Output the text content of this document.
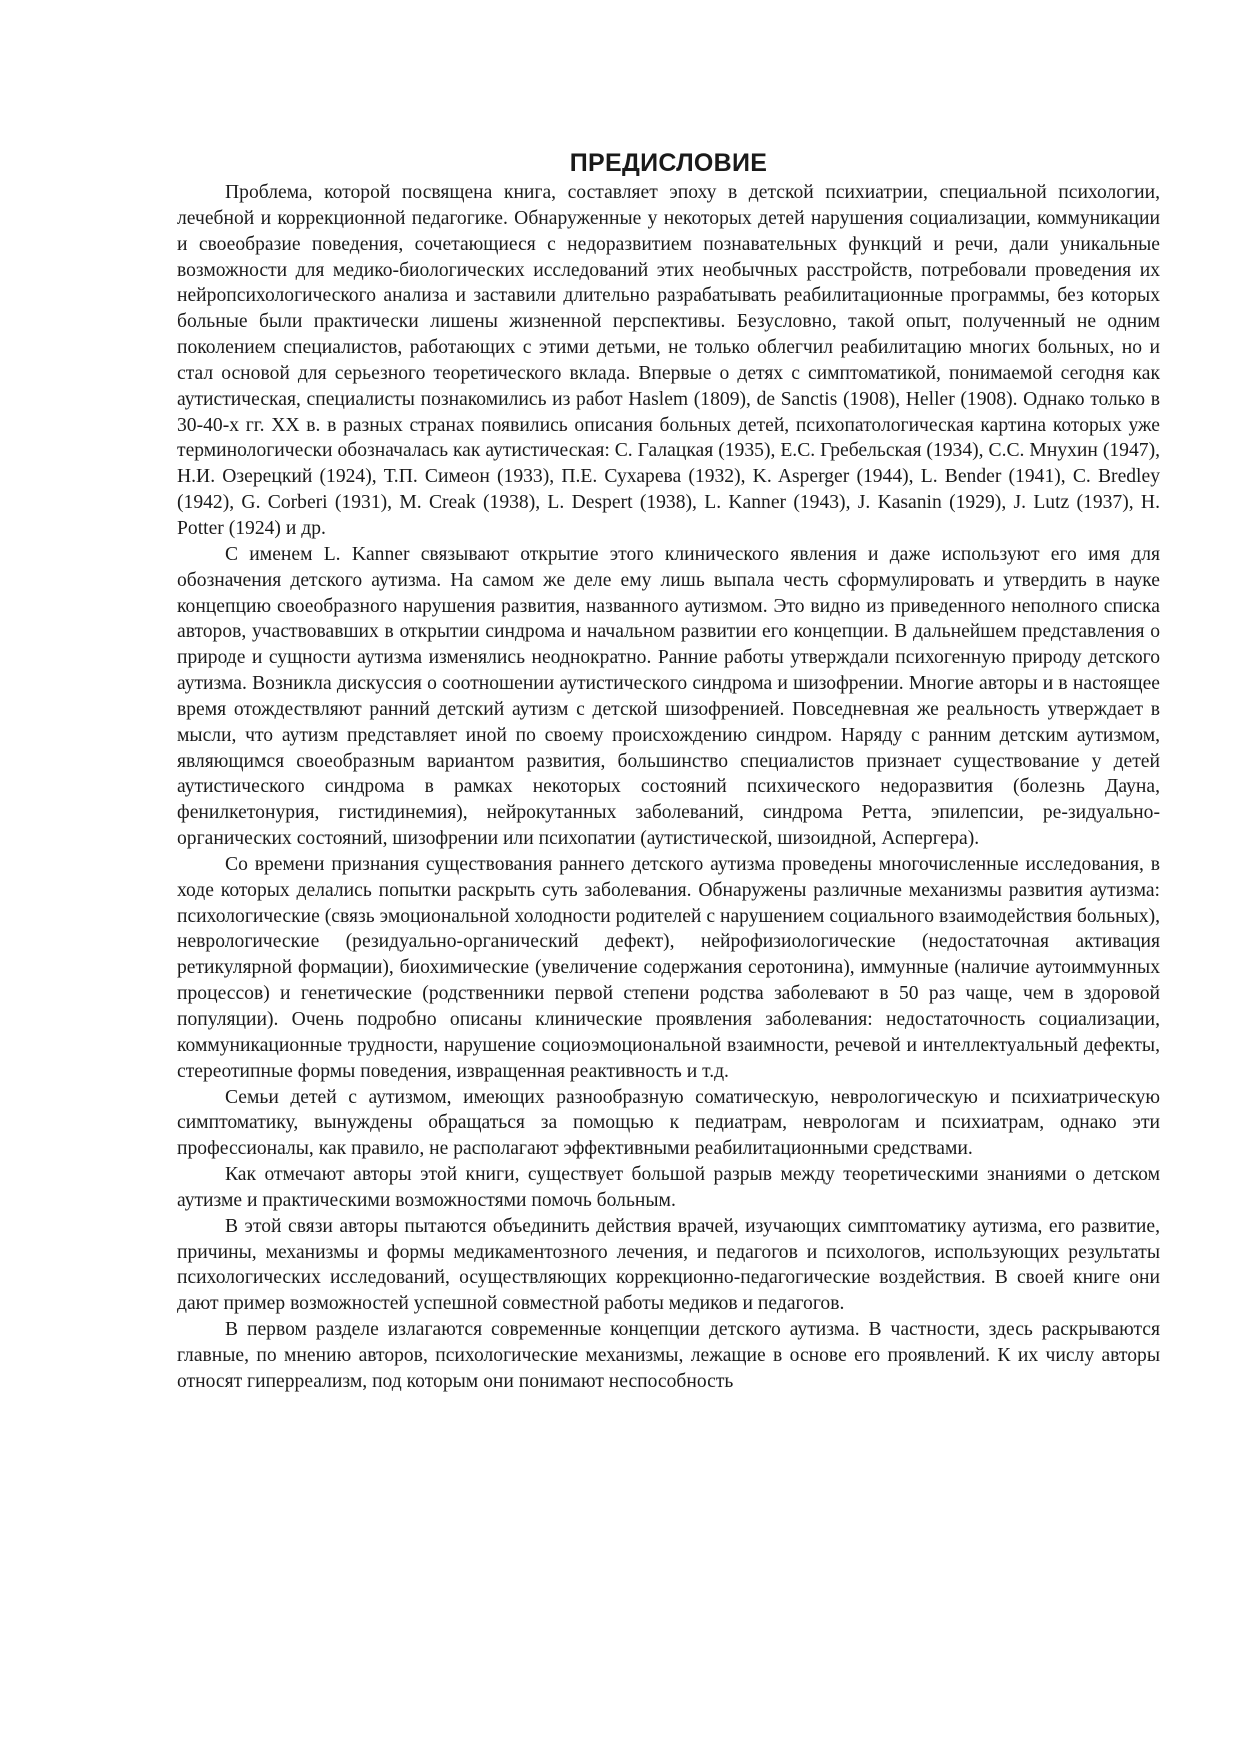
ПРЕДИСЛОВИЕ

Проблема, которой посвящена книга, составляет эпоху в детской психиатрии, специальной психологии, лечебной и коррекционной педагогике. Обнаруженные у некоторых детей нарушения социализации, коммуникации и своеобразие поведения, сочетающиеся с недоразвитием познавательных функций и речи, дали уникальные возможности для медико-биологических исследований этих необычных расстройств, потребовали проведения их нейропсихологического анализа и заставили длительно разрабатывать реабилитационные программы, без которых больные были практически лишены жизненной перспективы. Безусловно, такой опыт, полученный не одним поколением специалистов, работающих с этими детьми, не только облегчил реабилитацию многих больных, но и стал основой для серьезного теоретического вклада. Впервые о детях с симптоматикой, понимаемой сегодня как аутистическая, специалисты познакомились из работ Haslem (1809), de Sanctis (1908), Heller (1908). Однако только в 30-40-х гг. XX в. в разных странах появились описания больных детей, психопатологическая картина которых уже терминологически обозначалась как аутистическая: С. Галацкая (1935), Е.С. Гребельская (1934), С.С. Мнухин (1947), Н.И. Озерецкий (1924), Т.П. Симеон (1933), П.Е. Сухарева (1932), K. Asperger (1944), L. Bender (1941), C. Bredley (1942), G. Corberi (1931), M. Creak (1938), L. Despert (1938), L. Kanner (1943), J. Kasanin (1929), J. Lutz (1937), H. Potter (1924) и др.

С именем L. Kanner связывают открытие этого клинического явления и даже используют его имя для обозначения детского аутизма. На самом же деле ему лишь выпала честь сформулировать и утвердить в науке концепцию своеобразного нарушения развития, названного аутизмом. Это видно из приведенного неполного списка авторов, участвовавших в открытии синдрома и начальном развитии его концепции. В дальнейшем представления о природе и сущности аутизма изменялись неоднократно. Ранние работы утверждали психогенную природу детского аутизма. Возникла дискуссия о соотношении аутистического синдрома и шизофрении. Многие авторы и в настоящее время отождествляют ранний детский аутизм с детской шизофренией. Повседневная же реальность утверждает в мысли, что аутизм представляет иной по своему происхождению синдром. Наряду с ранним детским аутизмом, являющимся своеобразным вариантом развития, большинство специалистов признает существование у детей аутистического синдрома в рамках некоторых состояний психического недоразвития (болезнь Дауна, фенилкетонурия, гистидинемия), нейрокутанных заболеваний, синдрома Ретта, эпилепсии, ре-зидуально-органических состояний, шизофрении или психопатии (аутистической, шизоидной, Аспергера).

Со времени признания существования раннего детского аутизма проведены многочисленные исследования, в ходе которых делались попытки раскрыть суть заболевания. Обнаружены различные механизмы развития аутизма: психологические (связь эмоциональной холодности родителей с нарушением социального взаимодействия больных), неврологические (резидуально-органический дефект), нейрофизиологические (недостаточная активация ретикулярной формации), биохимические (увеличение содержания серотонина), иммунные (наличие аутоиммунных процессов) и генетические (родственники первой степени родства заболевают в 50 раз чаще, чем в здоровой популяции). Очень подробно описаны клинические проявления заболевания: недостаточность социализации, коммуникационные трудности, нарушение социоэмоциональной взаимности, речевой и интеллектуальный дефекты, стереотипные формы поведения, извращенная реактивность и т.д.

Семьи детей с аутизмом, имеющих разнообразную соматическую, неврологическую и психиатрическую симптоматику, вынуждены обращаться за помощью к педиатрам, неврологам и психиатрам, однако эти профессионалы, как правило, не располагают эффективными реабилитационными средствами.

Как отмечают авторы этой книги, существует большой разрыв между теоретическими знаниями о детском аутизме и практическими возможностями помочь больным.

В этой связи авторы пытаются объединить действия врачей, изучающих симптоматику аутизма, его развитие, причины, механизмы и формы медикаментозного лечения, и педагогов и психологов, использующих результаты психологических исследований, осуществляющих коррекционно-педагогические воздействия. В своей книге они дают пример возможностей успешной совместной работы медиков и педагогов.

В первом разделе излагаются современные концепции детского аутизма. В частности, здесь раскрываются главные, по мнению авторов, психологические механизмы, лежащие в основе его проявлений. К их числу авторы относят гиперреализм, под которым они понимают неспособность
